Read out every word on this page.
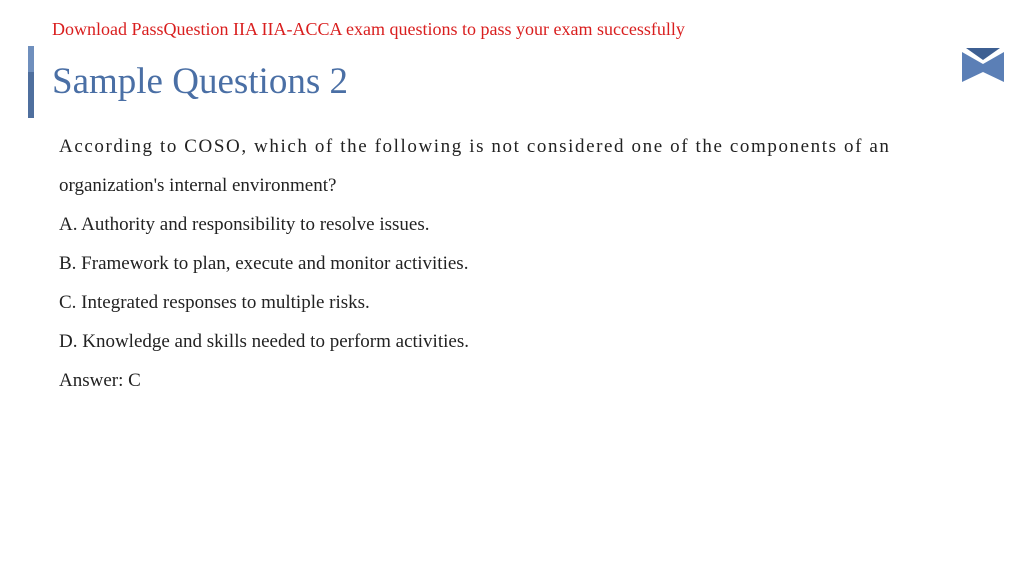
Download PassQuestion IIA IIA-ACCA exam questions to pass your exam successfully
Sample Questions 2

According to COSO, which of the following is not considered one of the components of an
organization's internal environment?

A. Authority and responsibility to resolve issues.

B. Framework to plan, execute and monitor activities.

C. Integrated responses to multiple risks.

D. Knowledge and skills needed to perform activities.

Answer: C
